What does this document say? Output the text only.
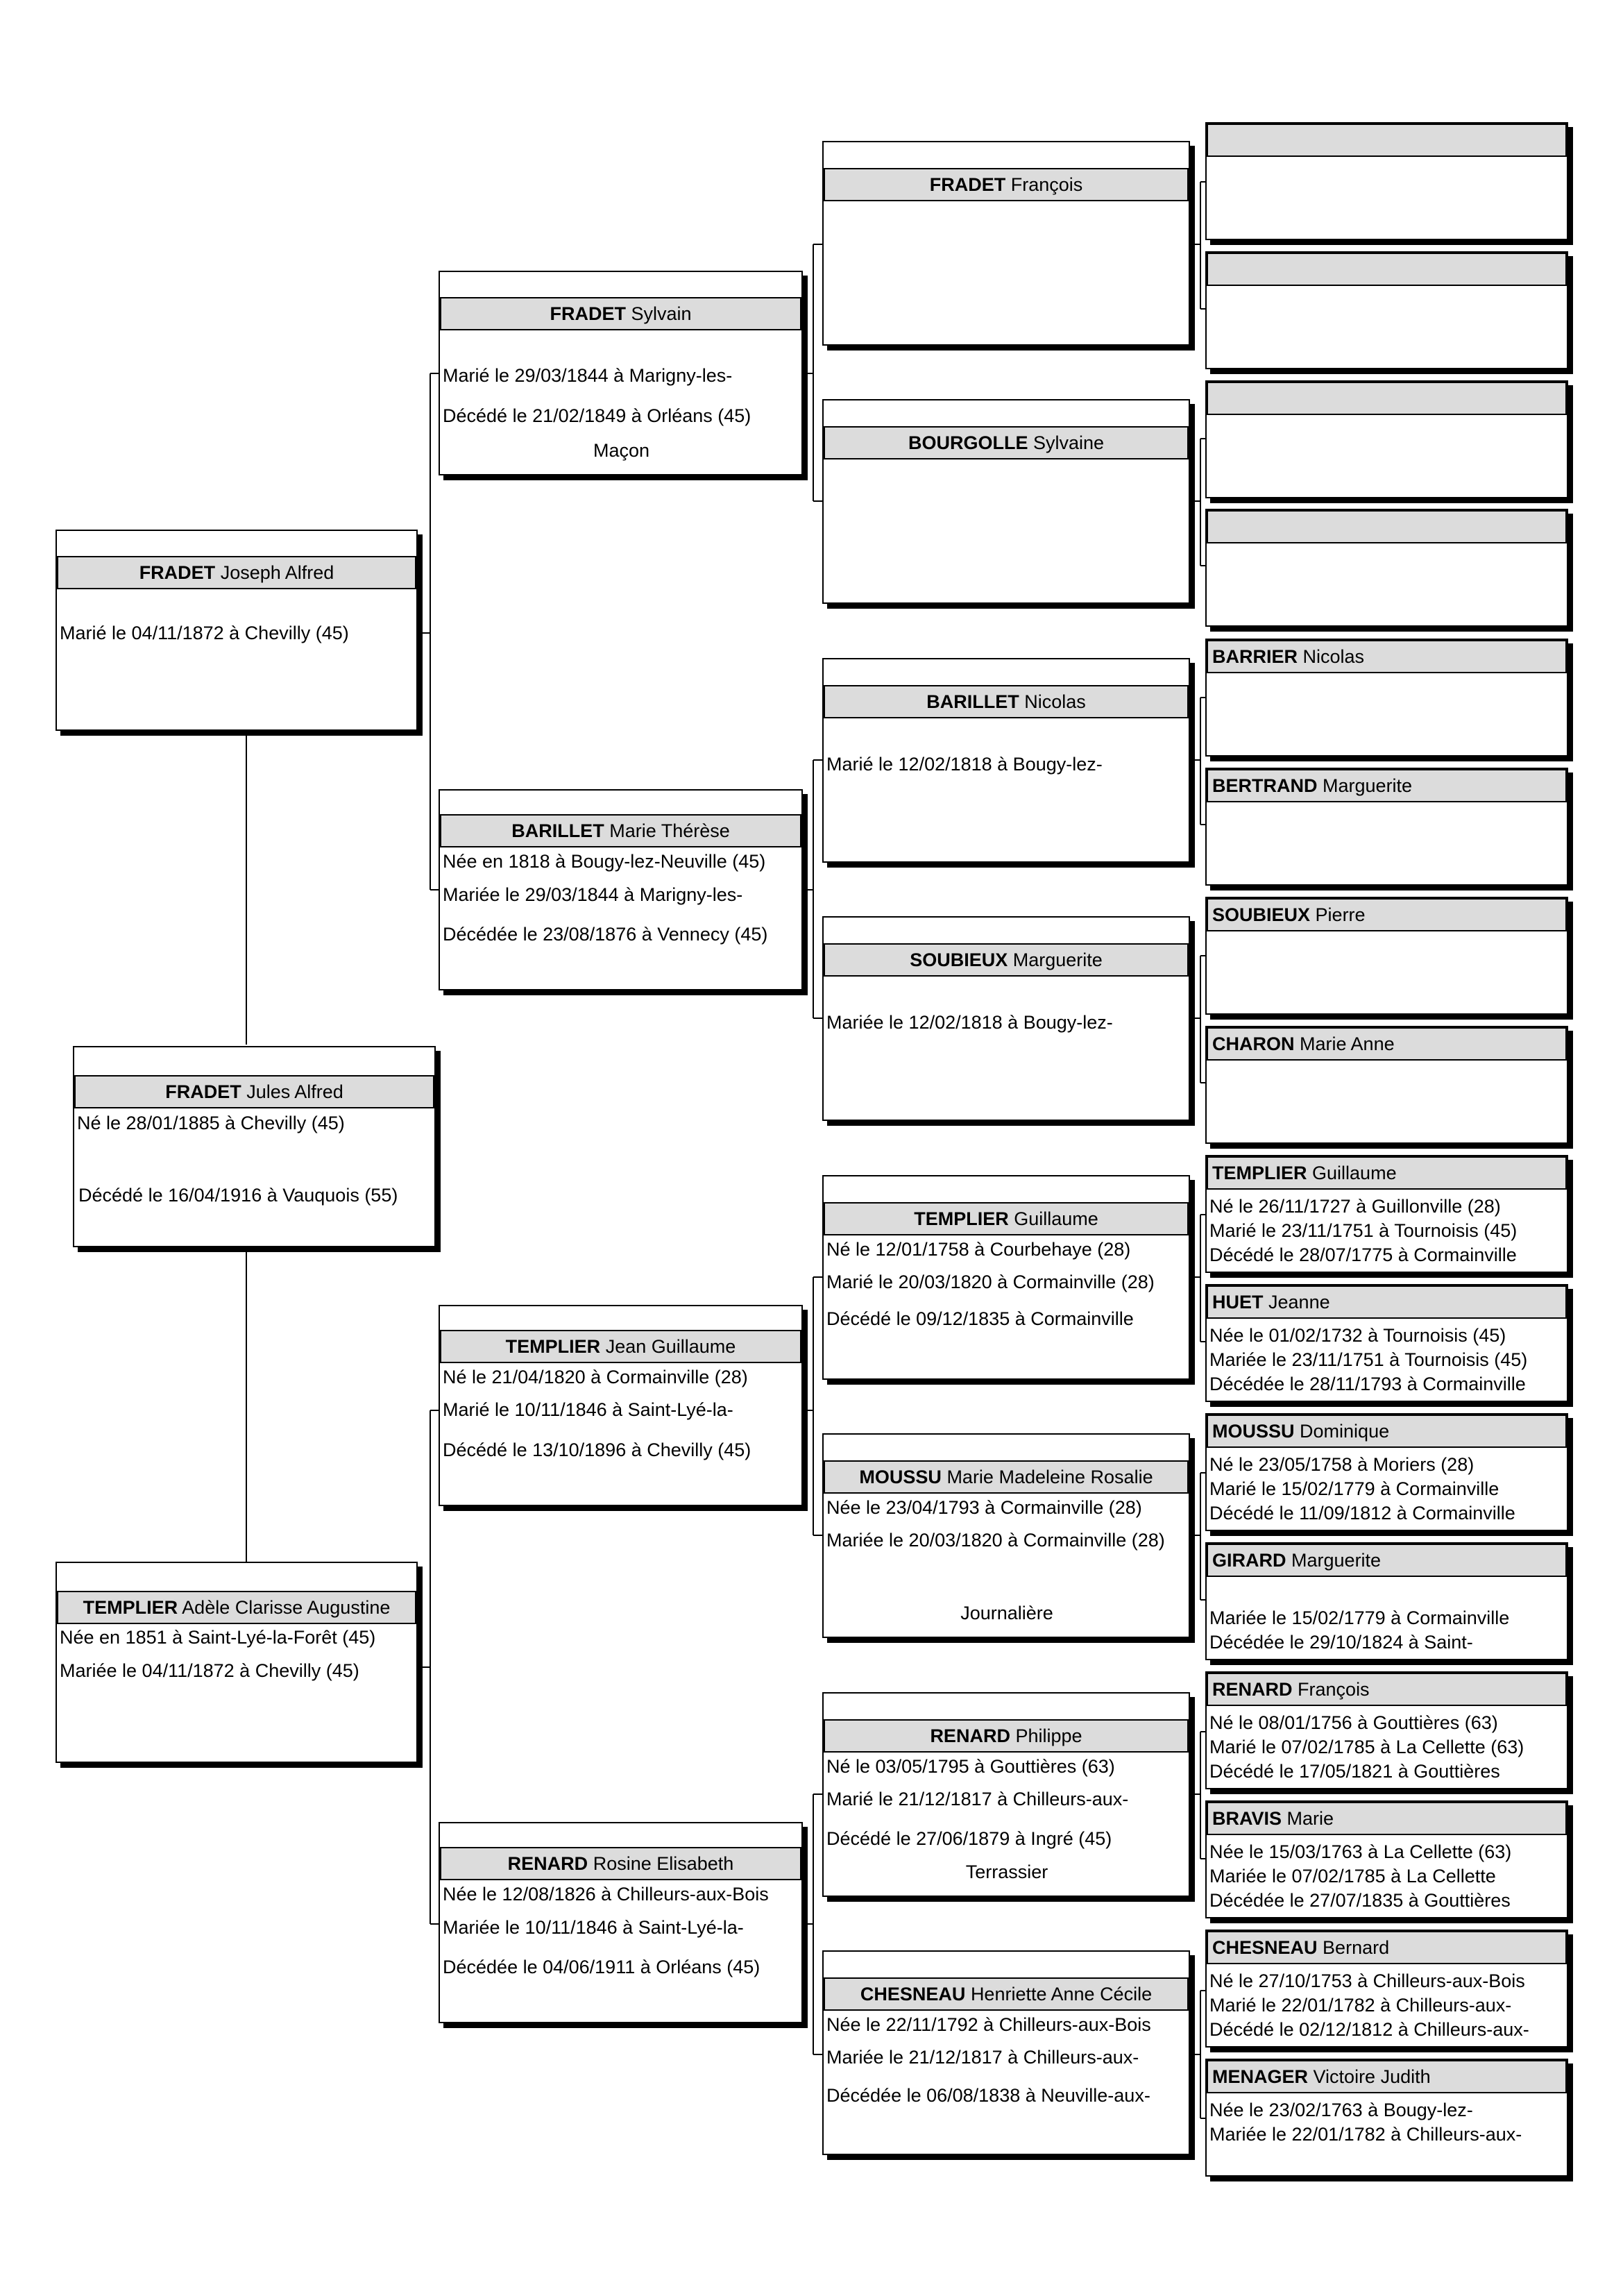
FRADET Jules Alfred
Né le 28/01/1885 à Chevilly (45)
Décédé le 16/04/1916 à Vauquois (55)
FRADET Joseph Alfred
Marié le 04/11/1872 à Chevilly (45)
TEMPLIER Adèle Clarisse Augustine
Née en 1851 à Saint-Lyé-la-Forêt (45)
Mariée le 04/11/1872 à Chevilly (45)
FRADET Sylvain
Marié le 29/03/1844 à Marigny-les-
Décédé le 21/02/1849 à Orléans (45)
Maçon
BARILLET Marie Thérèse
Née en 1818 à Bougy-lez-Neuville (45)
Mariée le 29/03/1844 à Marigny-les-
Décédée le 23/08/1876 à Vennecy (45)
TEMPLIER Jean Guillaume
Né le 21/04/1820 à Cormainville (28)
Marié le 10/11/1846 à Saint-Lyé-la-
Décédé le 13/10/1896 à Chevilly (45)
RENARD Rosine Elisabeth
Née le 12/08/1826 à Chilleurs-aux-Bois
Mariée le 10/11/1846 à Saint-Lyé-la-
Décédée le 04/06/1911 à Orléans (45)
FRADET François
BOURGOLLE Sylvaine
BARILLET Nicolas
Marié le 12/02/1818 à Bougy-lez-
SOUBIEUX Marguerite
Mariée le 12/02/1818 à Bougy-lez-
TEMPLIER Guillaume
Né le 12/01/1758 à Courbehaye (28)
Marié le 20/03/1820 à Cormainville (28)
Décédé le 09/12/1835 à Cormainville
MOUSSU Marie Madeleine Rosalie
Née le 23/04/1793 à Cormainville (28)
Mariée le 20/03/1820 à Cormainville (28)
Journalière
RENARD Philippe
Né le 03/05/1795 à Gouttières (63)
Marié le 21/12/1817 à Chilleurs-aux-
Décédé le 27/06/1879 à Ingré (45)
Terrassier
CHESNEAU Henriette Anne Cécile
Née le 22/11/1792 à Chilleurs-aux-Bois
Mariée le 21/12/1817 à Chilleurs-aux-
Décédée le 06/08/1838 à Neuville-aux-
BARRIER Nicolas
BERTRAND Marguerite
SOUBIEUX Pierre
CHARON Marie Anne
TEMPLIER Guillaume
Né le 26/11/1727 à Guillonville (28)
Marié le 23/11/1751 à Tournoisis (45)
Décédé le 28/07/1775 à Cormainville
HUET Jeanne
Née le 01/02/1732 à Tournoisis (45)
Mariée le 23/11/1751 à Tournoisis (45)
Décédée le 28/11/1793 à Cormainville
MOUSSU Dominique
Né le 23/05/1758 à Moriers (28)
Marié le 15/02/1779 à Cormainville
Décédé le 11/09/1812 à Cormainville
GIRARD Marguerite
Mariée le 15/02/1779 à Cormainville
Décédée le 29/10/1824 à Saint-
RENARD François
Né le 08/01/1756 à Gouttières (63)
Marié le 07/02/1785 à La Cellette (63)
Décédé le 17/05/1821 à Gouttières
BRAVIS Marie
Née le 15/03/1763 à La Cellette (63)
Mariée le 07/02/1785 à La Cellette
Décédée le 27/07/1835 à Gouttières
CHESNEAU Bernard
Né le 27/10/1753 à Chilleurs-aux-Bois
Marié le 22/01/1782 à Chilleurs-aux-
Décédé le 02/12/1812 à Chilleurs-aux-
MENAGER Victoire Judith
Née le 23/02/1763 à Bougy-lez-
Mariée le 22/01/1782 à Chilleurs-aux-
